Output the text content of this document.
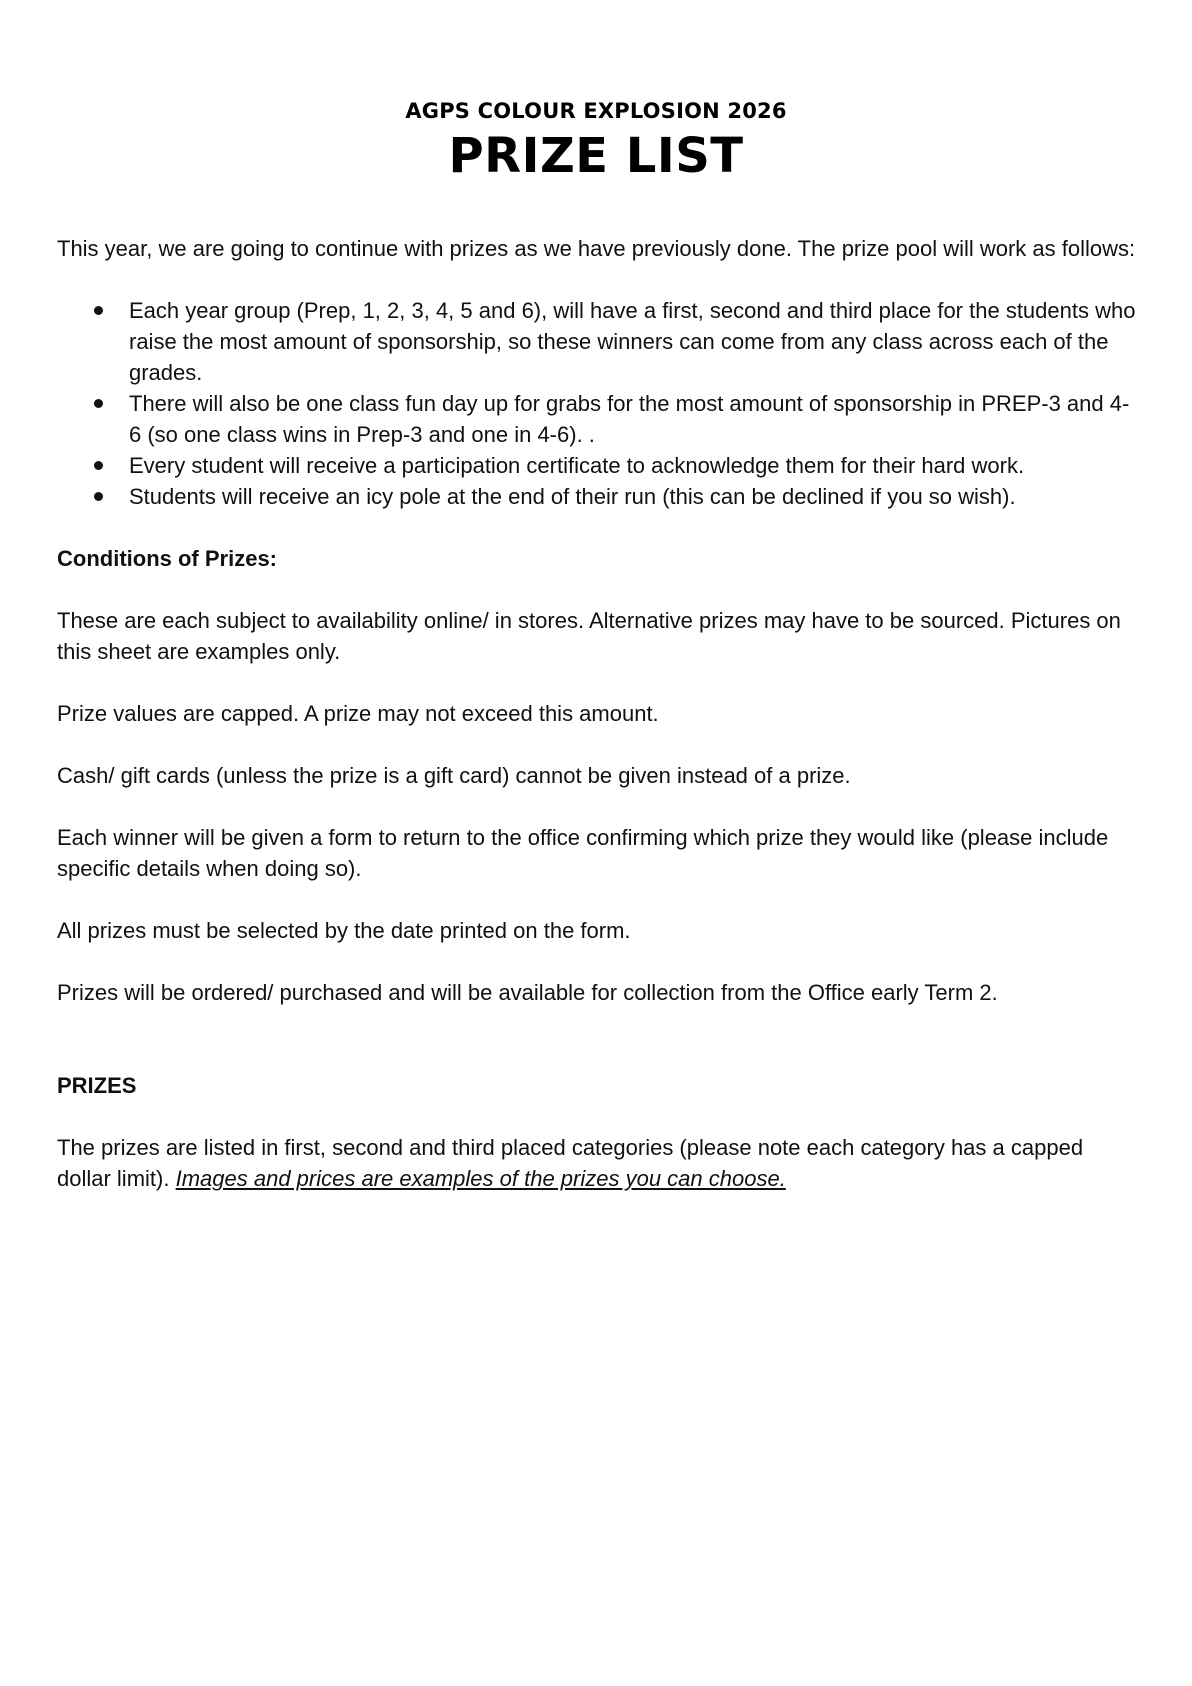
AGPS COLOUR EXPLOSION 2026
PRIZE LIST

This year, we are going to continue with prizes as we have previously done. The prize pool will work as follows:

Each year group (Prep, 1, 2, 3, 4, 5 and 6), will have a first, second and third place for the students who raise the most amount of sponsorship, so these winners can come from any class across each of the grades.
There will also be one class fun day up for grabs for the most amount of sponsorship in PREP-3 and 4-6 (so one class wins in Prep-3 and one in 4-6). .
Every student will receive a participation certificate to acknowledge them for their hard work.
Students will receive an icy pole at the end of their run (this can be declined if you so wish).

Conditions of Prizes:

These are each subject to availability online/ in stores. Alternative prizes may have to be sourced. Pictures on this sheet are examples only.

Prize values are capped. A prize may not exceed this amount.

Cash/ gift cards (unless the prize is a gift card) cannot be given instead of a prize.

Each winner will be given a form to return to the office confirming which prize they would like (please include specific details when doing so).

All prizes must be selected by the date printed on the form.

Prizes will be ordered/ purchased and will be available for collection from the Office early Term 2.

PRIZES

The prizes are listed in first, second and third placed categories (please note each category has a capped dollar limit). Images and prices are examples of the prizes you can choose.
